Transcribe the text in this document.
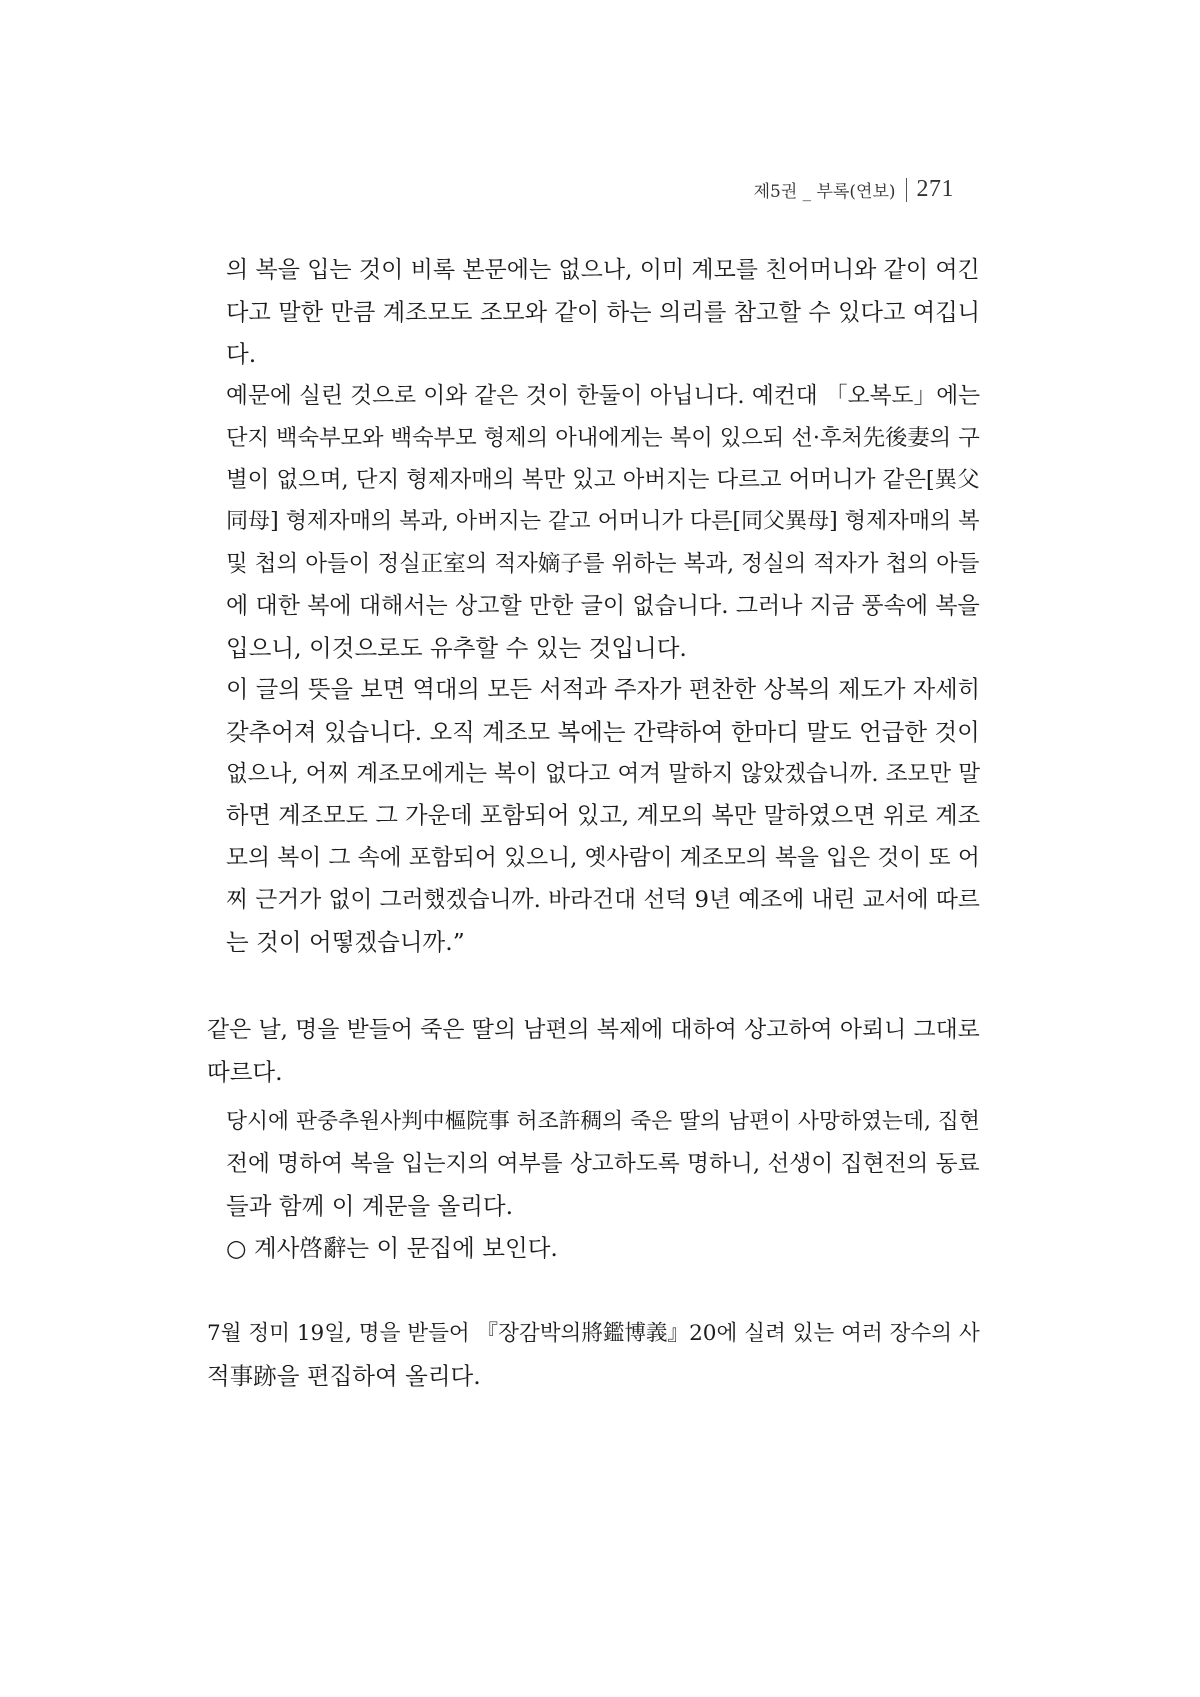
제5권 _ 부록(연보) 271
의 복을 입는 것이 비록 본문에는 없으나, 이미 계모를 친어머니와 같이 여긴
다고 말한 만큼 계조모도 조모와 같이 하는 의리를 참고할 수 있다고 여깁니
다.
예문에 실린 것으로 이와 같은 것이 한둘이 아닙니다. 예컨대 「오복도」에는
단지 백숙부모와 백숙부모 형제의 아내에게는 복이 있으되 선·후처先後妻의 구
별이 없으며, 단지 형제자매의 복만 있고 아버지는 다르고 어머니가 같은[異父
同母] 형제자매의 복과, 아버지는 같고 어머니가 다른[同父異母] 형제자매의 복
및 첩의 아들이 정실正室의 적자嫡子를 위하는 복과, 정실의 적자가 첩의 아들
에 대한 복에 대해서는 상고할 만한 글이 없습니다. 그러나 지금 풍속에 복을
입으니, 이것으로도 유추할 수 있는 것입니다.
이 글의 뜻을 보면 역대의 모든 서적과 주자가 편찬한 상복의 제도가 자세히
갖추어져 있습니다. 오직 계조모 복에는 간략하여 한마디 말도 언급한 것이
없으나, 어찌 계조모에게는 복이 없다고 여겨 말하지 않았겠습니까. 조모만 말
하면 계조모도 그 가운데 포함되어 있고, 계모의 복만 말하였으면 위로 계조
모의 복이 그 속에 포함되어 있으니, 옛사람이 계조모의 복을 입은 것이 또 어
찌 근거가 없이 그러했겠습니까. 바라건대 선덕 9년 예조에 내린 교서에 따르
는 것이 어떻겠습니까.”
같은 날, 명을 받들어 죽은 딸의 남편의 복제에 대하여 상고하여 아뢰니 그대로
따르다.
당시에 판중추원사判中樞院事 허조許稠의 죽은 딸의 남편이 사망하였는데, 집현
전에 명하여 복을 입는지의 여부를 상고하도록 명하니, 선생이 집현전의 동료
들과 함께 이 계문을 올리다.
○ 계사啓辭는 이 문집에 보인다.
7월 정미 19일, 명을 받들어 『장감박의將鑑博義』20에 실려 있는 여러 장수의 사
적事跡을 편집하여 올리다.
